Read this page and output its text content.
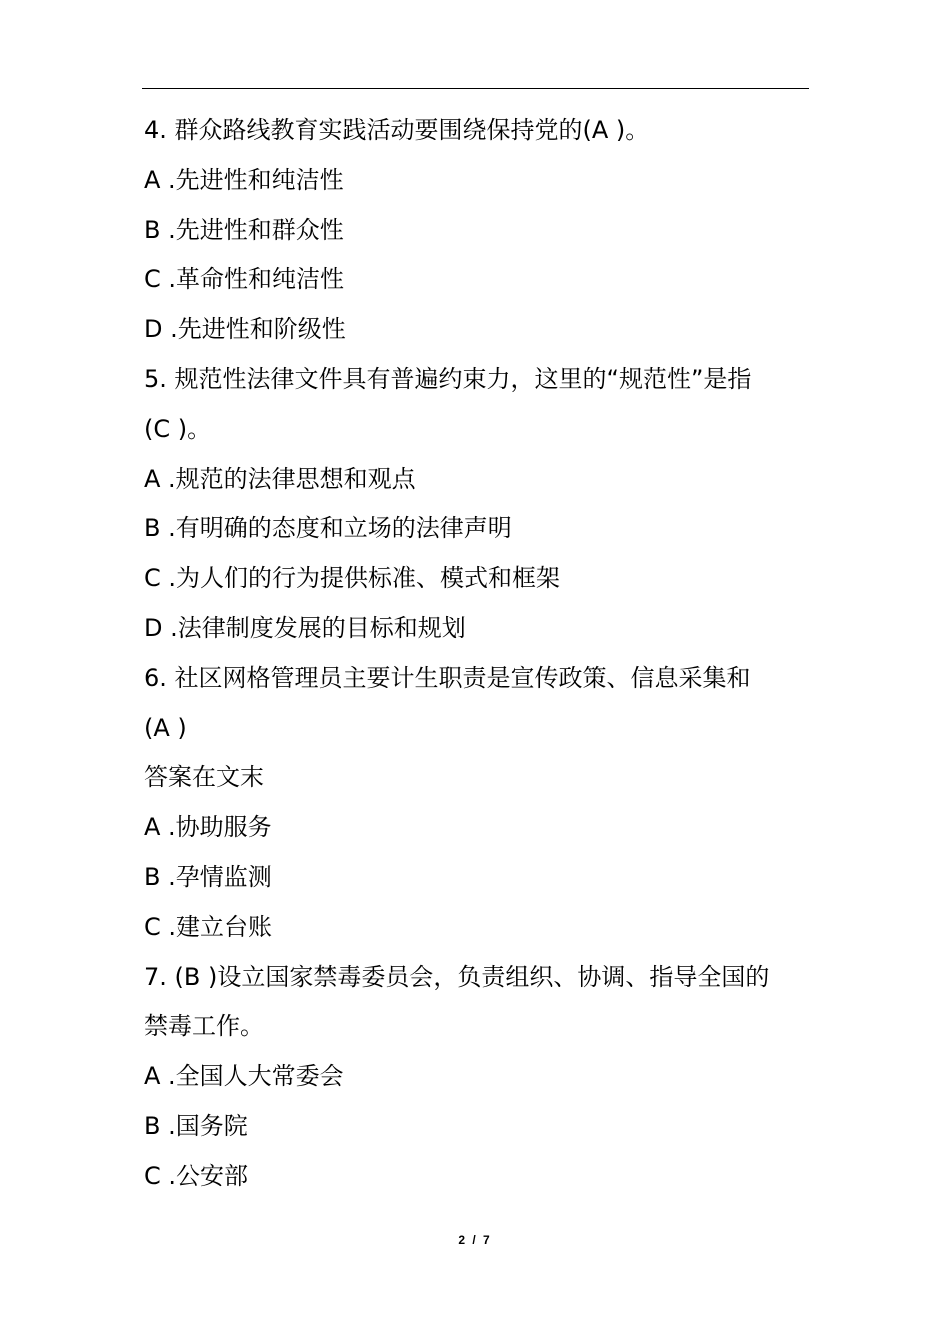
4. 群众路线教育实践活动要围绕保持党的(A )。
A .先进性和纯洁性
B .先进性和群众性
C .革命性和纯洁性
D .先进性和阶级性
5. 规范性法律文件具有普遍约束力，这里的“规范性”是指
(C )。
A .规范的法律思想和观点
B .有明确的态度和立场的法律声明
C .为人们的行为提供标准、模式和框架
D .法律制度发展的目标和规划
6. 社区网格管理员主要计生职责是宣传政策、信息采集和
(A )
答案在文末
A .协助服务
B .孕情监测
C .建立台账
7. (B )设立国家禁毒委员会，负责组织、协调、指导全国的
禁毒工作。
A .全国人大常委会
B .国务院
C .公安部
2 / 7
